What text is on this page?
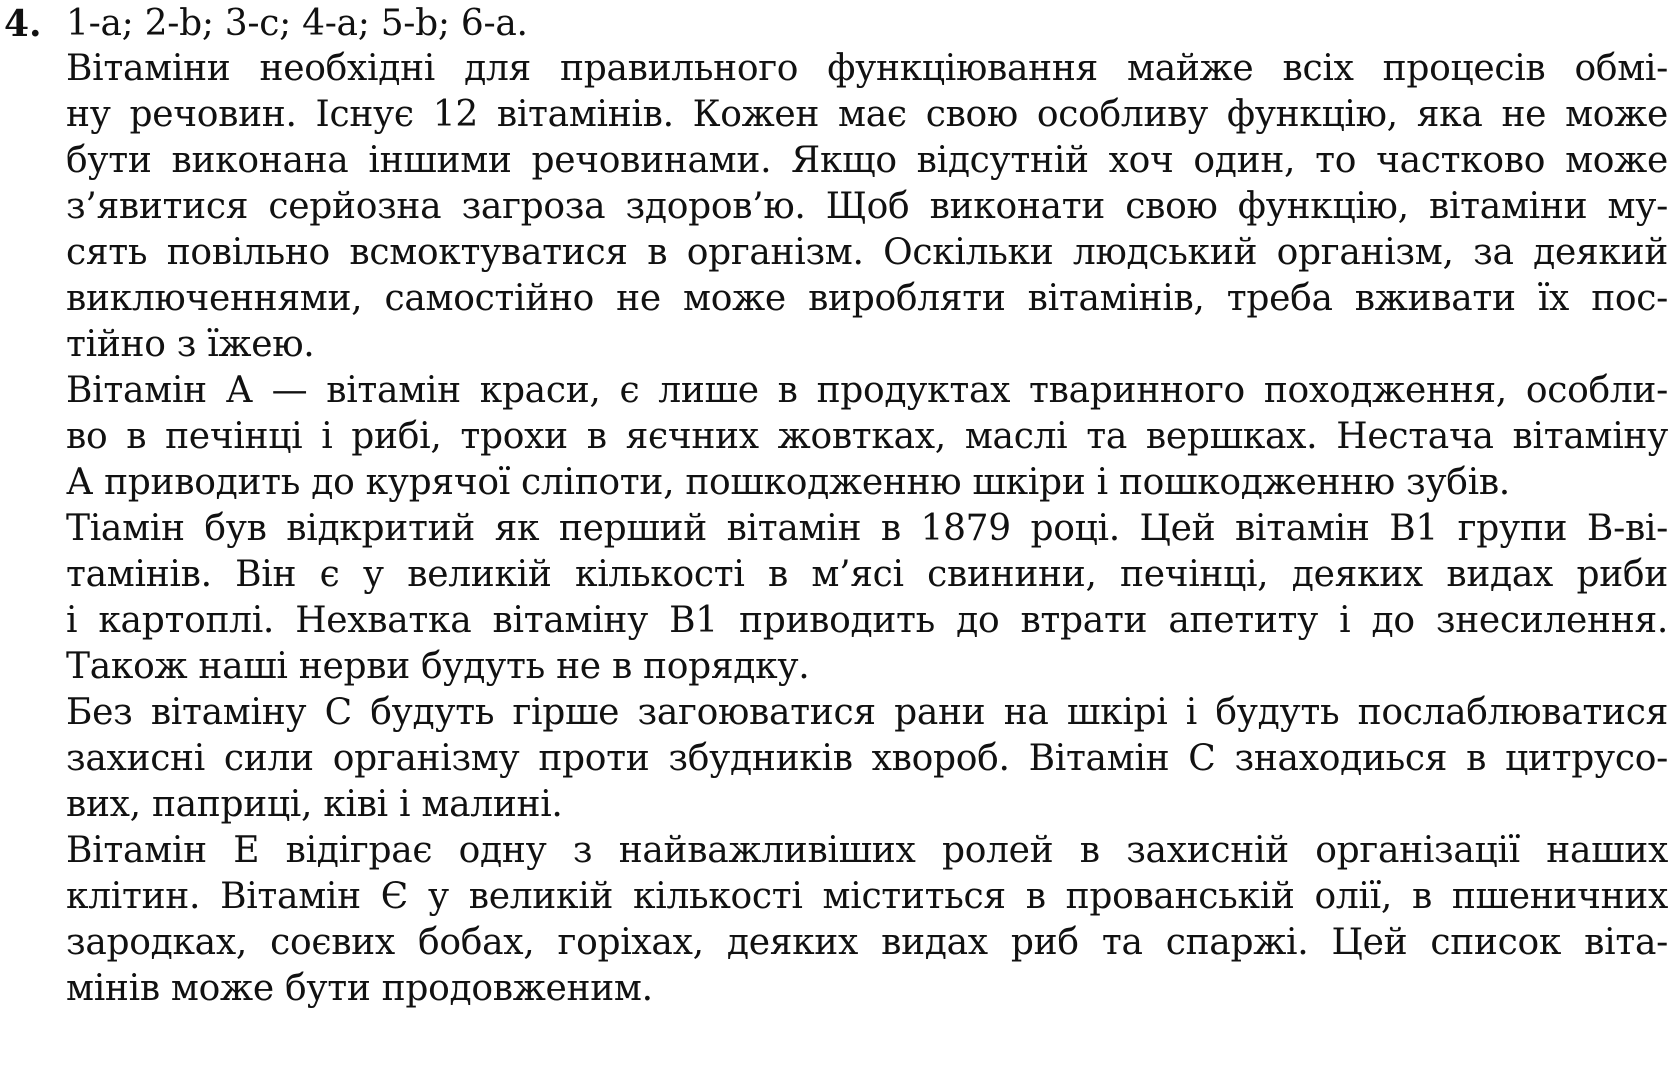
4. 1-а; 2-b; 3-с; 4-а; 5-b; 6-а.
Вітаміни необхідні для правильного функціювання майже всіх процесів обмі-
ну речовин. Існує 12 вітамінів. Кожен має свою особливу функцію, яка не може
бути виконана іншими речовинами. Якщо відсутній хоч один, то частково може
з’явитися серйозна загроза здоров’ю. Щоб виконати свою функцію, вітаміни му-
сять повільно всмоктуватися в організм. Оскільки людський організм, за деякий
виключеннями, самостійно не може виробляти вітамінів, треба вживати їх пос-
тійно з їжею.
Вітамін А — вітамін краси, є лише в продуктах тваринного походження, особли-
во в печінці і рибі, трохи в яєчних жовтках, маслі та вершках. Нестача вітаміну
А приводить до курячої сліпоти, пошкодженню шкіри і пошкодженню зубів.
Тіамін був відкритий як перший вітамін в 1879 році. Цей вітамін В1 групи В-ві-
тамінів. Він є у великій кількості в м’ясі свинини, печінці, деяких видах риби
і картоплі. Нехватка вітаміну В1 приводить до втрати апетиту і до знесилення.
Також наші нерви будуть не в порядку.
Без вітаміну С будуть гірше загоюватися рани на шкірі і будуть послаблюватися
захисні сили організму проти збудників хвороб. Вітамін С знаходиься в цитрусо-
вих, паприці, ківі і малині.
Вітамін Е відіграє одну з найважливіших ролей в захисній організації наших
клітин. Вітамін Є у великій кількості міститься в прованській олії, в пшеничних
зародках, соєвих бобах, горіхах, деяких видах риб та спаржі. Цей список віта-
мінів може бути продовженим.
